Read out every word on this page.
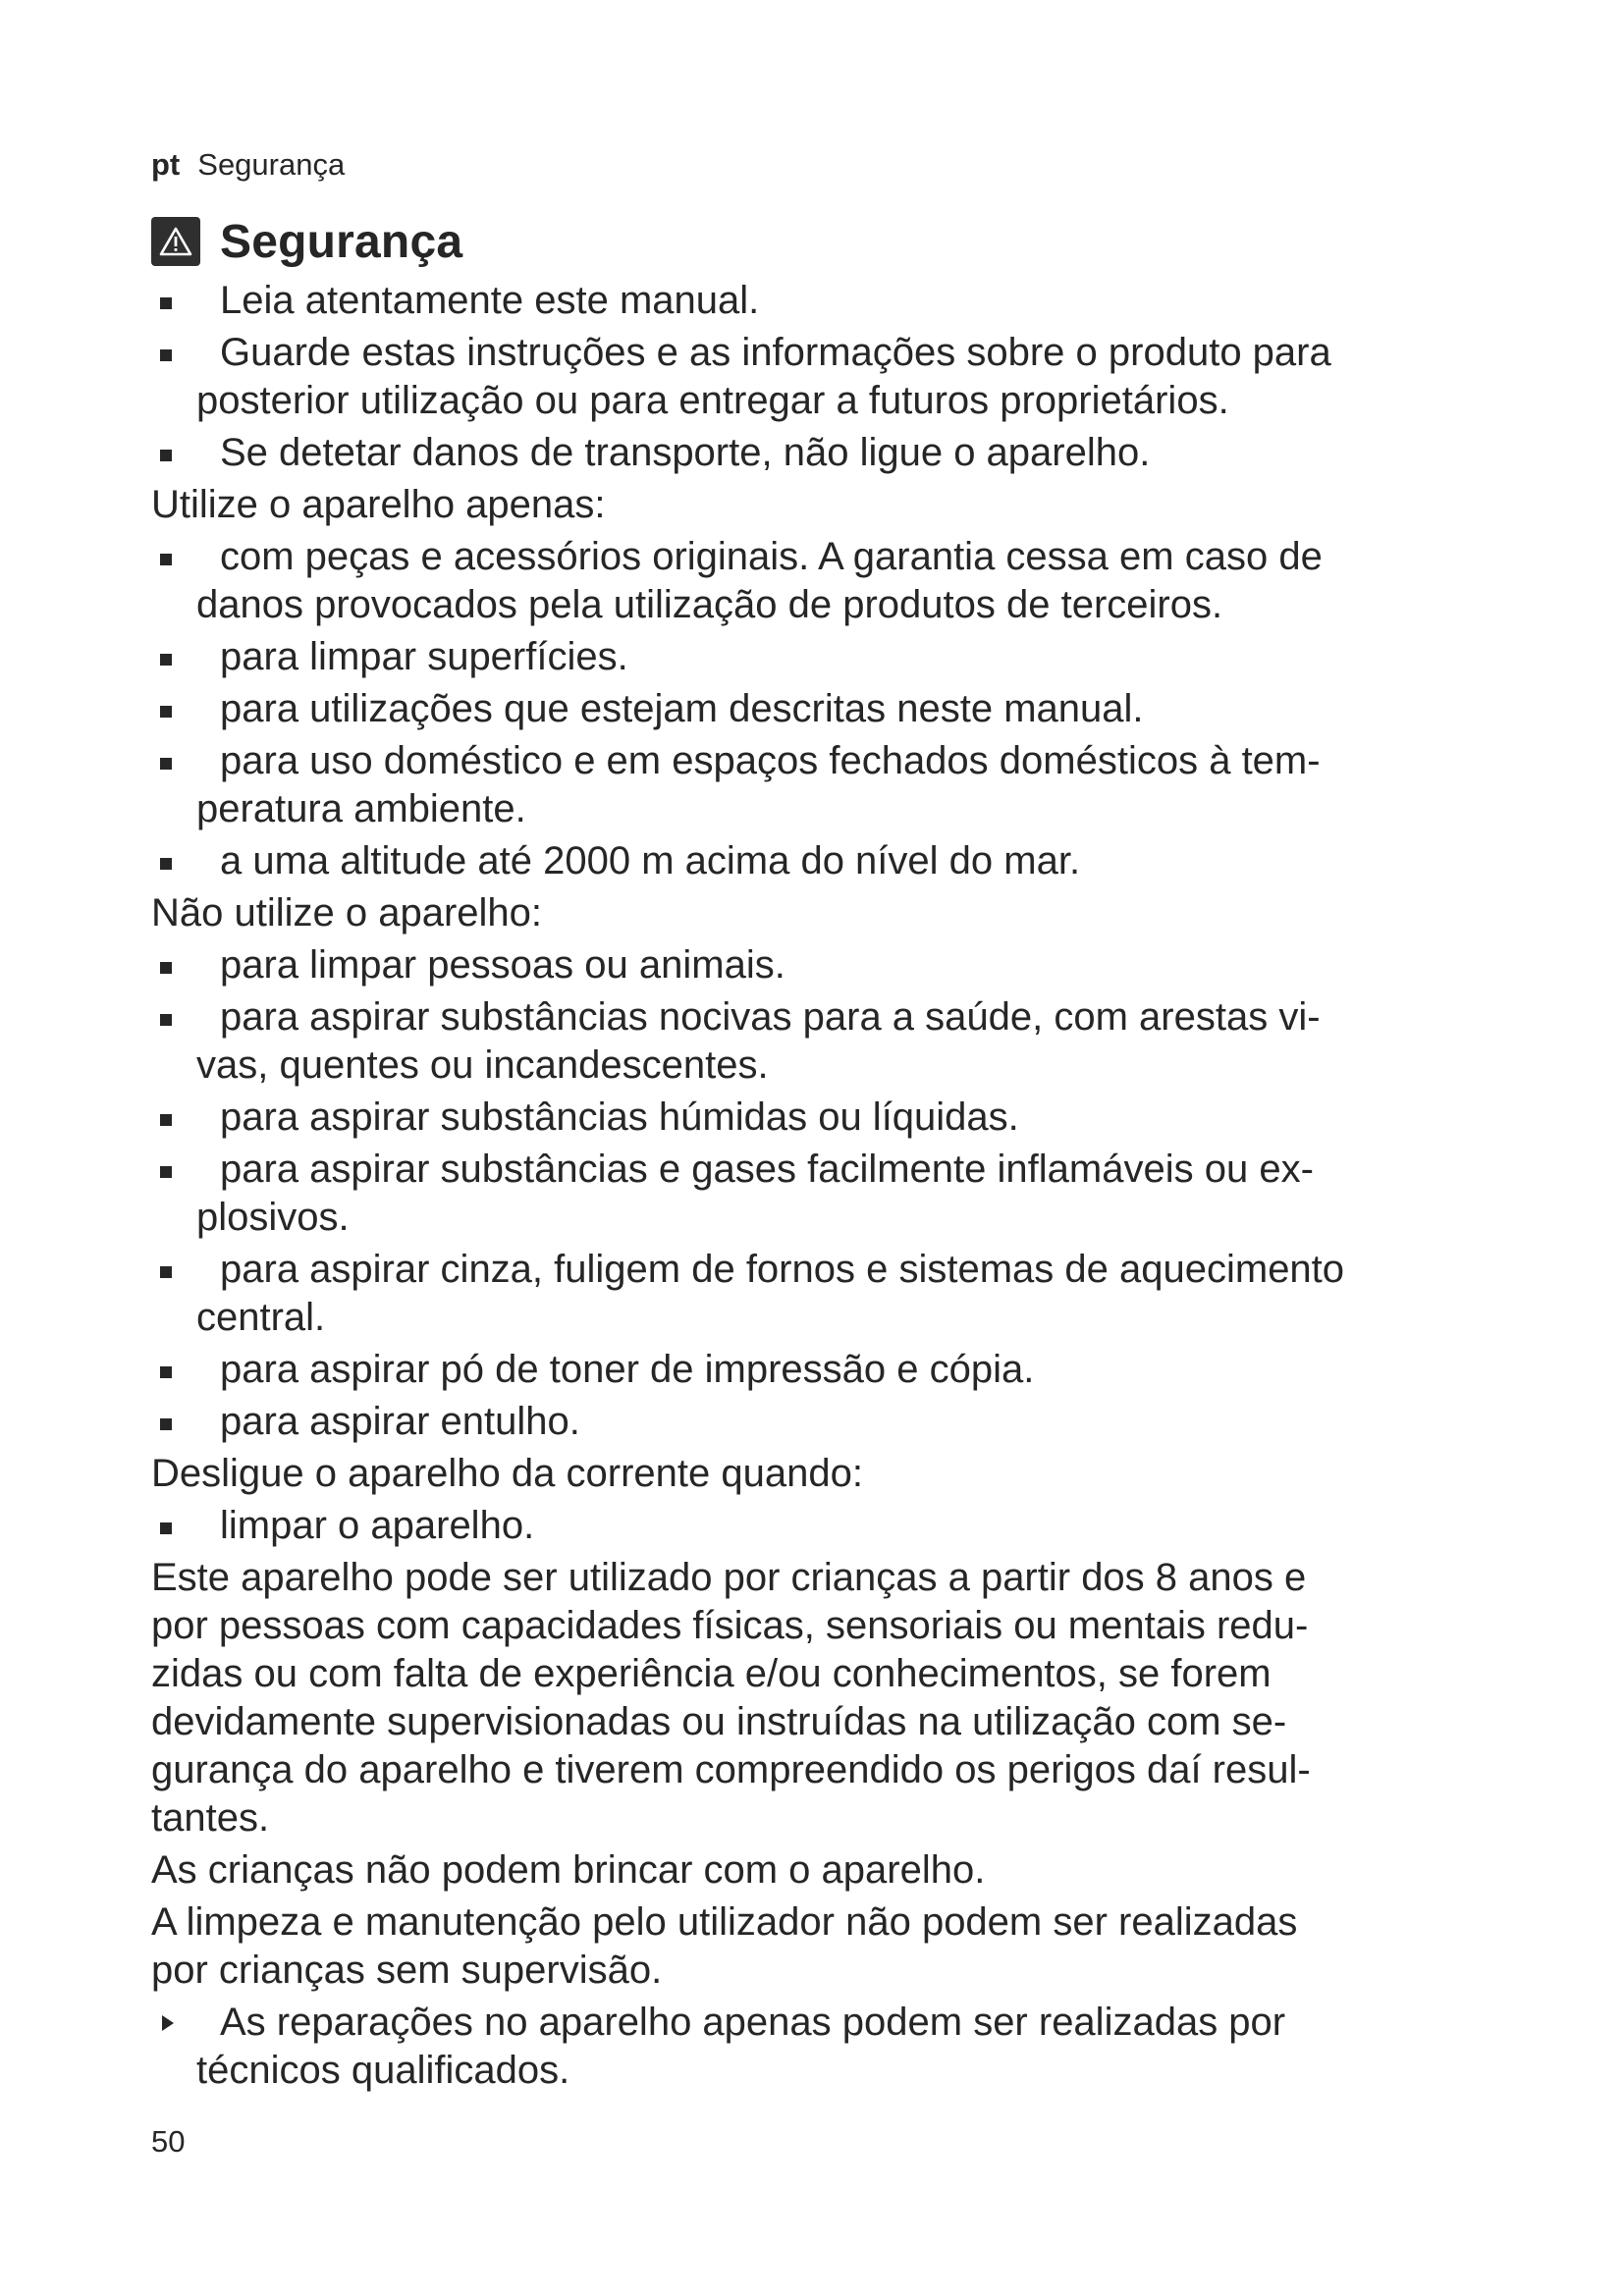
pt Segurança
Segurança
Leia atentamente este manual.
Guarde estas instruções e as informações sobre o produto para
posterior utilização ou para entregar a futuros proprietários.
Se detetar danos de transporte, não ligue o aparelho.
Utilize o aparelho apenas:
com peças e acessórios originais. A garantia cessa em caso de
danos provocados pela utilização de produtos de terceiros.
para limpar superfícies.
para utilizações que estejam descritas neste manual.
para uso doméstico e em espaços fechados domésticos à tem-
peratura ambiente.
a uma altitude até 2000 m acima do nível do mar.
Não utilize o aparelho:
para limpar pessoas ou animais.
para aspirar substâncias nocivas para a saúde, com arestas vi-
vas, quentes ou incandescentes.
para aspirar substâncias húmidas ou líquidas.
para aspirar substâncias e gases facilmente inflamáveis ou ex-
plosivos.
para aspirar cinza, fuligem de fornos e sistemas de aquecimento
central.
para aspirar pó de toner de impressão e cópia.
para aspirar entulho.
Desligue o aparelho da corrente quando:
limpar o aparelho.
Este aparelho pode ser utilizado por crianças a partir dos 8 anos e
por pessoas com capacidades físicas, sensoriais ou mentais redu-
zidas ou com falta de experiência e/ou conhecimentos, se forem
devidamente supervisionadas ou instruídas na utilização com se-
gurança do aparelho e tiverem compreendido os perigos daí resul-
tantes.
As crianças não podem brincar com o aparelho.
A limpeza e manutenção pelo utilizador não podem ser realizadas
por crianças sem supervisão.
As reparações no aparelho apenas podem ser realizadas por
técnicos qualificados.
50
